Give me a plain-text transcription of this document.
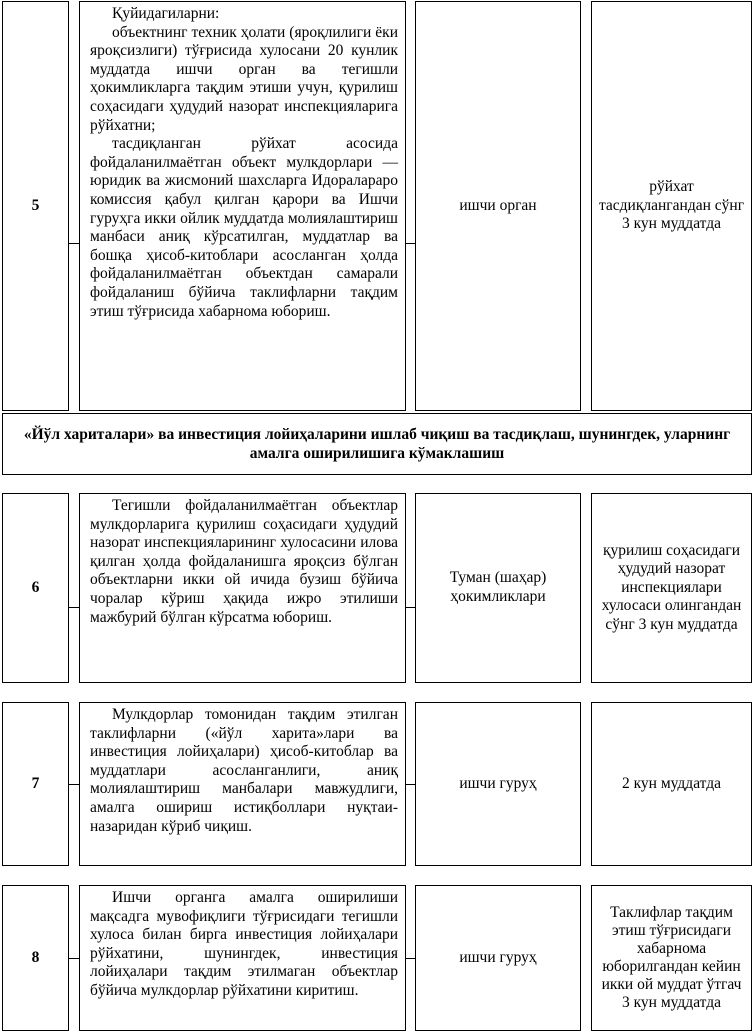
5

Қуйидагиларни:

объектнинг техник ҳолати (яроқлилиги ёки яроқсизлиги) тўғрисида хулосани 20 кунлик муддатда ишчи орган ва тегишли ҳокимликларга тақдим этиши учун, қурилиш соҳасидаги ҳудудий назорат инспекцияларига рўйхатни;

тасдиқланган рўйхат асосида фойдаланилмаётган объект мулкдорлари — юридик ва жисмоний шахсларга Идоралараро комиссия қабул қилган қарори ва Ишчи гуруҳга икки ойлик муддатда молиялаштириш манбаси аниқ кўрсатилган, муддатлар ва бошқа ҳисоб-китоблари асосланган ҳолда фойдаланилмаётган объектдан самарали фойдаланиш бўйича таклифларни тақдим этиш тўғрисида хабарнома юбориш.

ишчи орган
рўйхат тасдиқлангандан сўнг 3 кун муддатда
«Йўл хариталари» ва инвестиция лойиҳаларини ишлаб чиқиш ва тасдиқлаш, шунингдек, уларнинг амалга оширилишига кўмаклашиш
6

Тегишли фойдаланилмаётган объектлар мулкдорларига қурилиш соҳасидаги ҳудудий назорат инспекцияларининг хулосасини илова қилган ҳолда фойдаланишга яроқсиз бўлган объектларни икки ой ичида бузиш бўйича чоралар кўриш ҳақида ижро этилиши мажбурий бўлган кўрсатма юбориш.

Туман (шаҳар) ҳокимликлари
қурилиш соҳасидаги ҳудудий назорат инспекциялари хулосаси олингандан сўнг 3 кун муддатда
7

Мулкдорлар томонидан тақдим этилган таклифларни («йўл харита»лари ва инвестиция лойиҳалари) ҳисоб-китоблар ва муддатлари асосланганлиги, аниқ молиялаштириш манбалари мавжудлиги, амалга ошириш истиқболлари нуқтаи-назаридан кўриб чиқиш.

ишчи гуруҳ	2 кун муддатда
8

Ишчи органга амалга оширилиши мақсадга мувофиқлиги тўғрисидаги тегишли хулоса билан бирга инвестиция лойиҳалари рўйхатини, шунингдек, инвестиция лойиҳалари тақдим этилмаган объектлар бўйича мулкдорлар рўйхатини киритиш.

ишчи гуруҳ
Таклифлар тақдим этиш тўғрисидаги хабарнома юборилгандан кейин икки ой муддат ўтгач 3 кун муддатда
